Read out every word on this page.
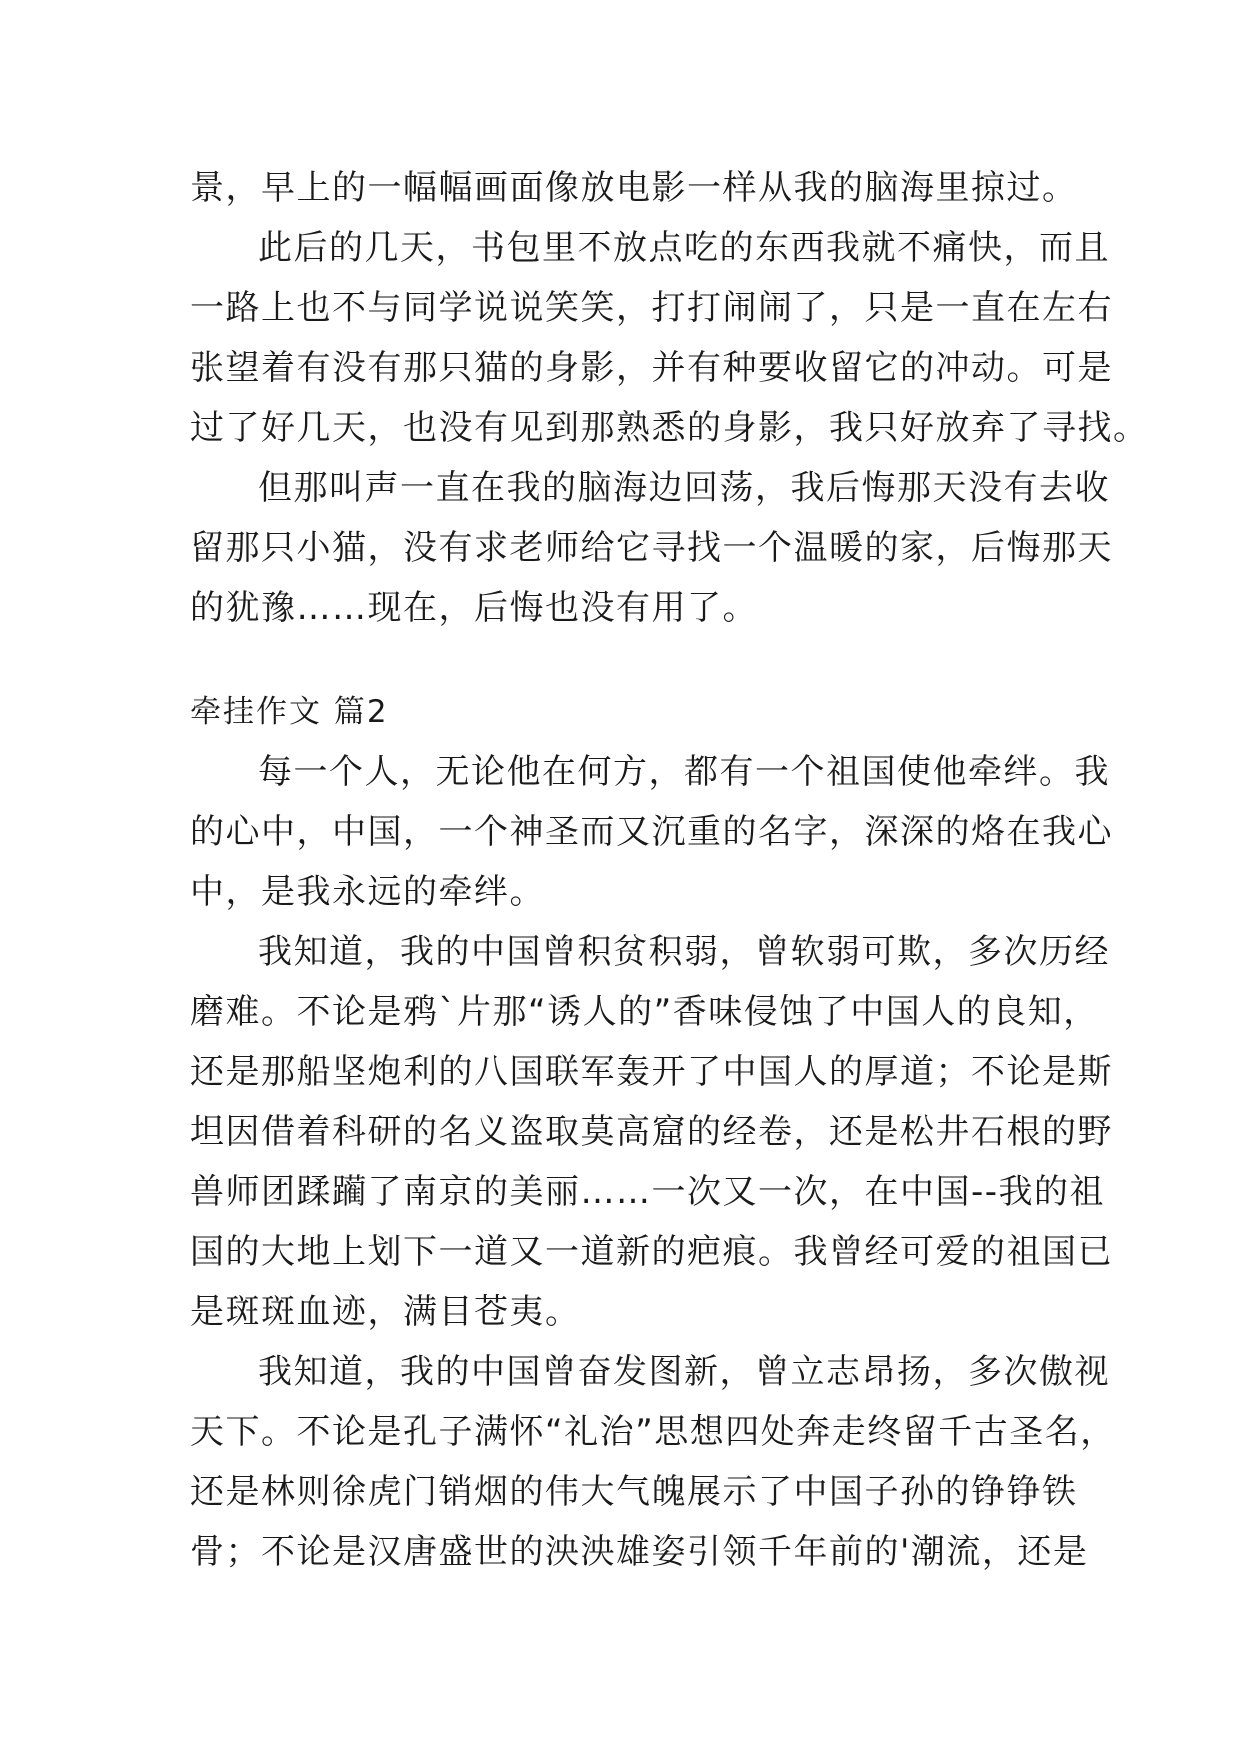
景，早上的一幅幅画面像放电影一样从我的脑海里掠过。
此后的几天，书包里不放点吃的东西我就不痛快，而且
一路上也不与同学说说笑笑，打打闹闹了，只是一直在左右
张望着有没有那只猫的身影，并有种要收留它的冲动。可是
过了好几天，也没有见到那熟悉的身影，我只好放弃了寻找。
但那叫声一直在我的脑海边回荡，我后悔那天没有去收
留那只小猫，没有求老师给它寻找一个温暖的家，后悔那天
的犹豫……现在，后悔也没有用了。
牵挂作文 篇2
每一个人，无论他在何方，都有一个祖国使他牵绊。我
的心中，中国，一个神圣而又沉重的名字，深深的烙在我心
中，是我永远的牵绊。
我知道，我的中国曾积贫积弱，曾软弱可欺，多次历经
磨难。不论是鸦`片那“诱人的”香味侵蚀了中国人的良知，
还是那船坚炮利的八国联军轰开了中国人的厚道；不论是斯
坦因借着科研的名义盗取莫高窟的经卷，还是松井石根的野
兽师团蹂躏了南京的美丽……一次又一次，在中国--我的祖
国的大地上划下一道又一道新的疤痕。我曾经可爱的祖国已
是斑斑血迹，满目苍夷。
我知道，我的中国曾奋发图新，曾立志昂扬，多次傲视
天下。不论是孔子满怀“礼治”思想四处奔走终留千古圣名，
还是林则徐虎门销烟的伟大气魄展示了中国子孙的铮铮铁
骨；不论是汉唐盛世的泱泱雄姿引领千年前的'潮流，还是
